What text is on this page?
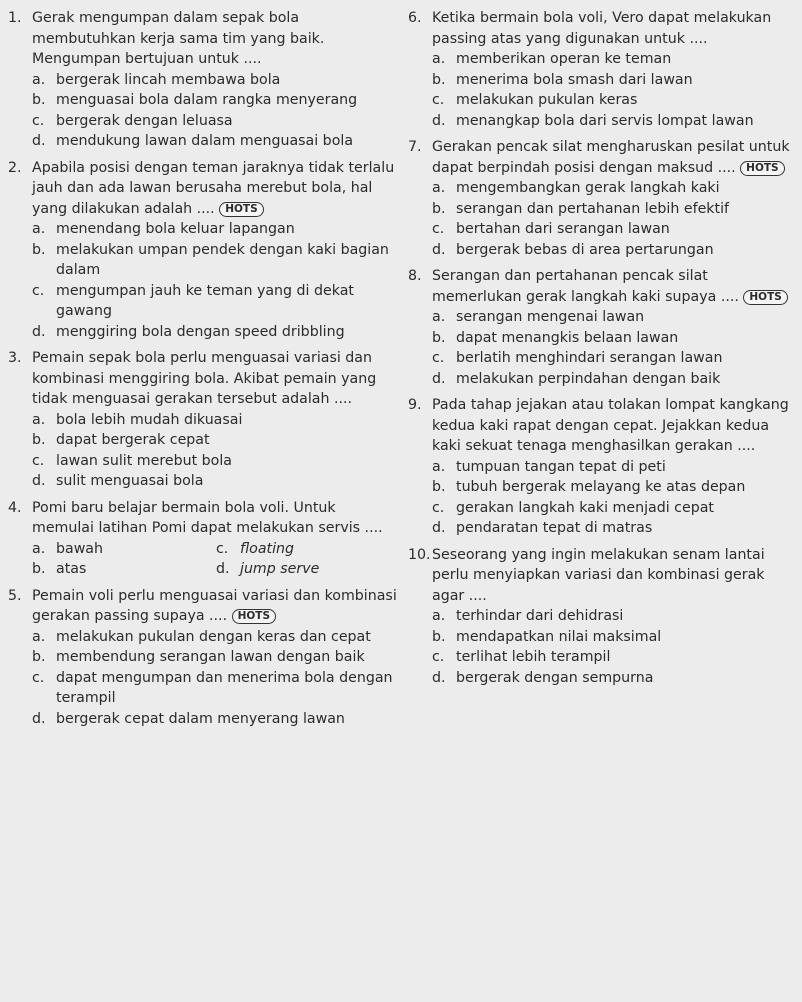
1. Gerak mengumpan dalam sepak bola membutuhkan kerja sama tim yang baik. Mengumpan bertujuan untuk ....
a. bergerak lincah membawa bola
b. menguasai bola dalam rangka menyerang
c. bergerak dengan leluasa
d. mendukung lawan dalam menguasai bola
2. Apabila posisi dengan teman jaraknya tidak terlalu jauh dan ada lawan berusaha merebut bola, hal yang dilakukan adalah .... HOTS
a. menendang bola keluar lapangan
b. melakukan umpan pendek dengan kaki bagian dalam
c. mengumpan jauh ke teman yang di dekat gawang
d. menggiring bola dengan speed dribbling
3. Pemain sepak bola perlu menguasai variasi dan kombinasi menggiring bola. Akibat pemain yang tidak menguasai gerakan tersebut adalah ....
a. bola lebih mudah dikuasai
b. dapat bergerak cepat
c. lawan sulit merebut bola
d. sulit menguasai bola
4. Pomi baru belajar bermain bola voli. Untuk memulai latihan Pomi dapat melakukan servis ....
a. bawah	c. floating
b. atas	d. jump serve
5. Pemain voli perlu menguasai variasi dan kombinasi gerakan passing supaya .... HOTS
a. melakukan pukulan dengan keras dan cepat
b. membendung serangan lawan dengan baik
c. dapat mengumpan dan menerima bola dengan terampil
d. bergerak cepat dalam menyerang lawan
6. Ketika bermain bola voli, Vero dapat melakukan passing atas yang digunakan untuk ....
a. memberikan operan ke teman
b. menerima bola smash dari lawan
c. melakukan pukulan keras
d. menangkap bola dari servis lompat lawan
7. Gerakan pencak silat mengharuskan pesilat untuk dapat berpindah posisi dengan maksud .... HOTS
a. mengembangkan gerak langkah kaki
b. serangan dan pertahanan lebih efektif
c. bertahan dari serangan lawan
d. bergerak bebas di area pertarungan
8. Serangan dan pertahanan pencak silat memerlukan gerak langkah kaki supaya .... HOTS
a. serangan mengenai lawan
b. dapat menangkis belaan lawan
c. berlatih menghindari serangan lawan
d. melakukan perpindahan dengan baik
9. Pada tahap jejakan atau tolakan lompat kangkang kedua kaki rapat dengan cepat. Jejakkan kedua kaki sekuat tenaga menghasilkan gerakan ....
a. tumpuan tangan tepat di peti
b. tubuh bergerak melayang ke atas depan
c. gerakan langkah kaki menjadi cepat
d. pendaratan tepat di matras
10. Seseorang yang ingin melakukan senam lantai perlu menyiapkan variasi dan kombinasi gerak agar ....
a. terhindar dari dehidrasi
b. mendapatkan nilai maksimal
c. terlihat lebih terampil
d. bergerak dengan sempurna
